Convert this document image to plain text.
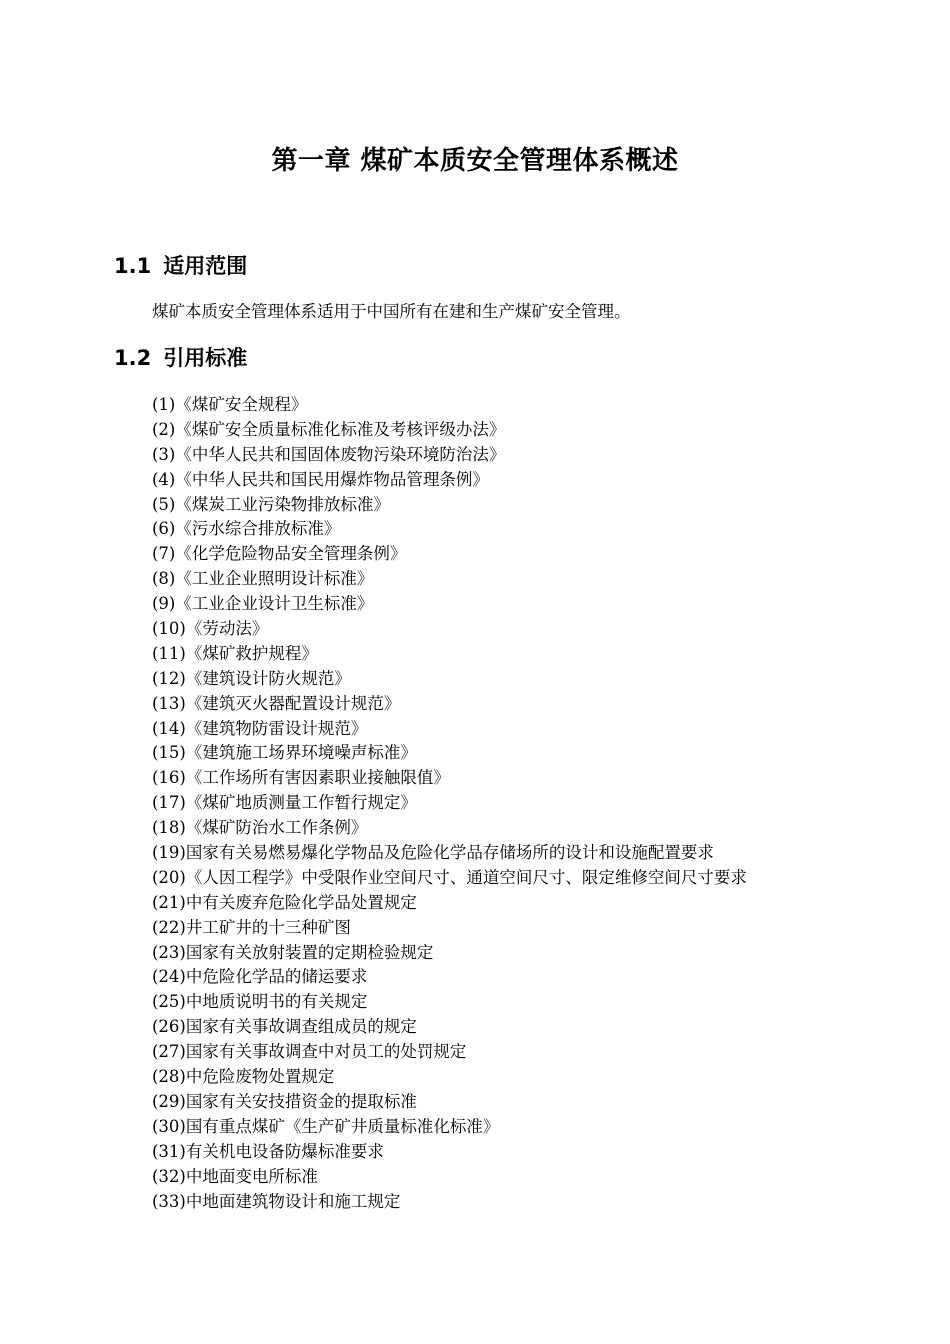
第一章 煤矿本质安全管理体系概述
1.1 适用范围

煤矿本质安全管理体系适用于中国所有在建和生产煤矿安全管理。

1.2 引用标准
(1)《煤矿安全规程》
(2)《煤矿安全质量标准化标准及考核评级办法》
(3)《中华人民共和国固体废物污染环境防治法》
(4)《中华人民共和国民用爆炸物品管理条例》
(5)《煤炭工业污染物排放标准》
(6)《污水综合排放标准》
(7)《化学危险物品安全管理条例》
(8)《工业企业照明设计标准》
(9)《工业企业设计卫生标准》
(10)《劳动法》
(11)《煤矿救护规程》
(12)《建筑设计防火规范》
(13)《建筑灭火器配置设计规范》
(14)《建筑物防雷设计规范》
(15)《建筑施工场界环境噪声标准》
(16)《工作场所有害因素职业接触限值》
(17)《煤矿地质测量工作暂行规定》
(18)《煤矿防治水工作条例》
(19)国家有关易燃易爆化学物品及危险化学品存储场所的设计和设施配置要求
(20)《人因工程学》中受限作业空间尺寸、通道空间尺寸、限定维修空间尺寸要求
(21)中有关废弃危险化学品处置规定
(22)井工矿井的十三种矿图
(23)国家有关放射装置的定期检验规定
(24)中危险化学品的储运要求
(25)中地质说明书的有关规定
(26)国家有关事故调查组成员的规定
(27)国家有关事故调查中对员工的处罚规定
(28)中危险废物处置规定
(29)国家有关安技措资金的提取标准
(30)国有重点煤矿《生产矿井质量标准化标准》
(31)有关机电设备防爆标准要求
(32)中地面变电所标准
(33)中地面建筑物设计和施工规定
